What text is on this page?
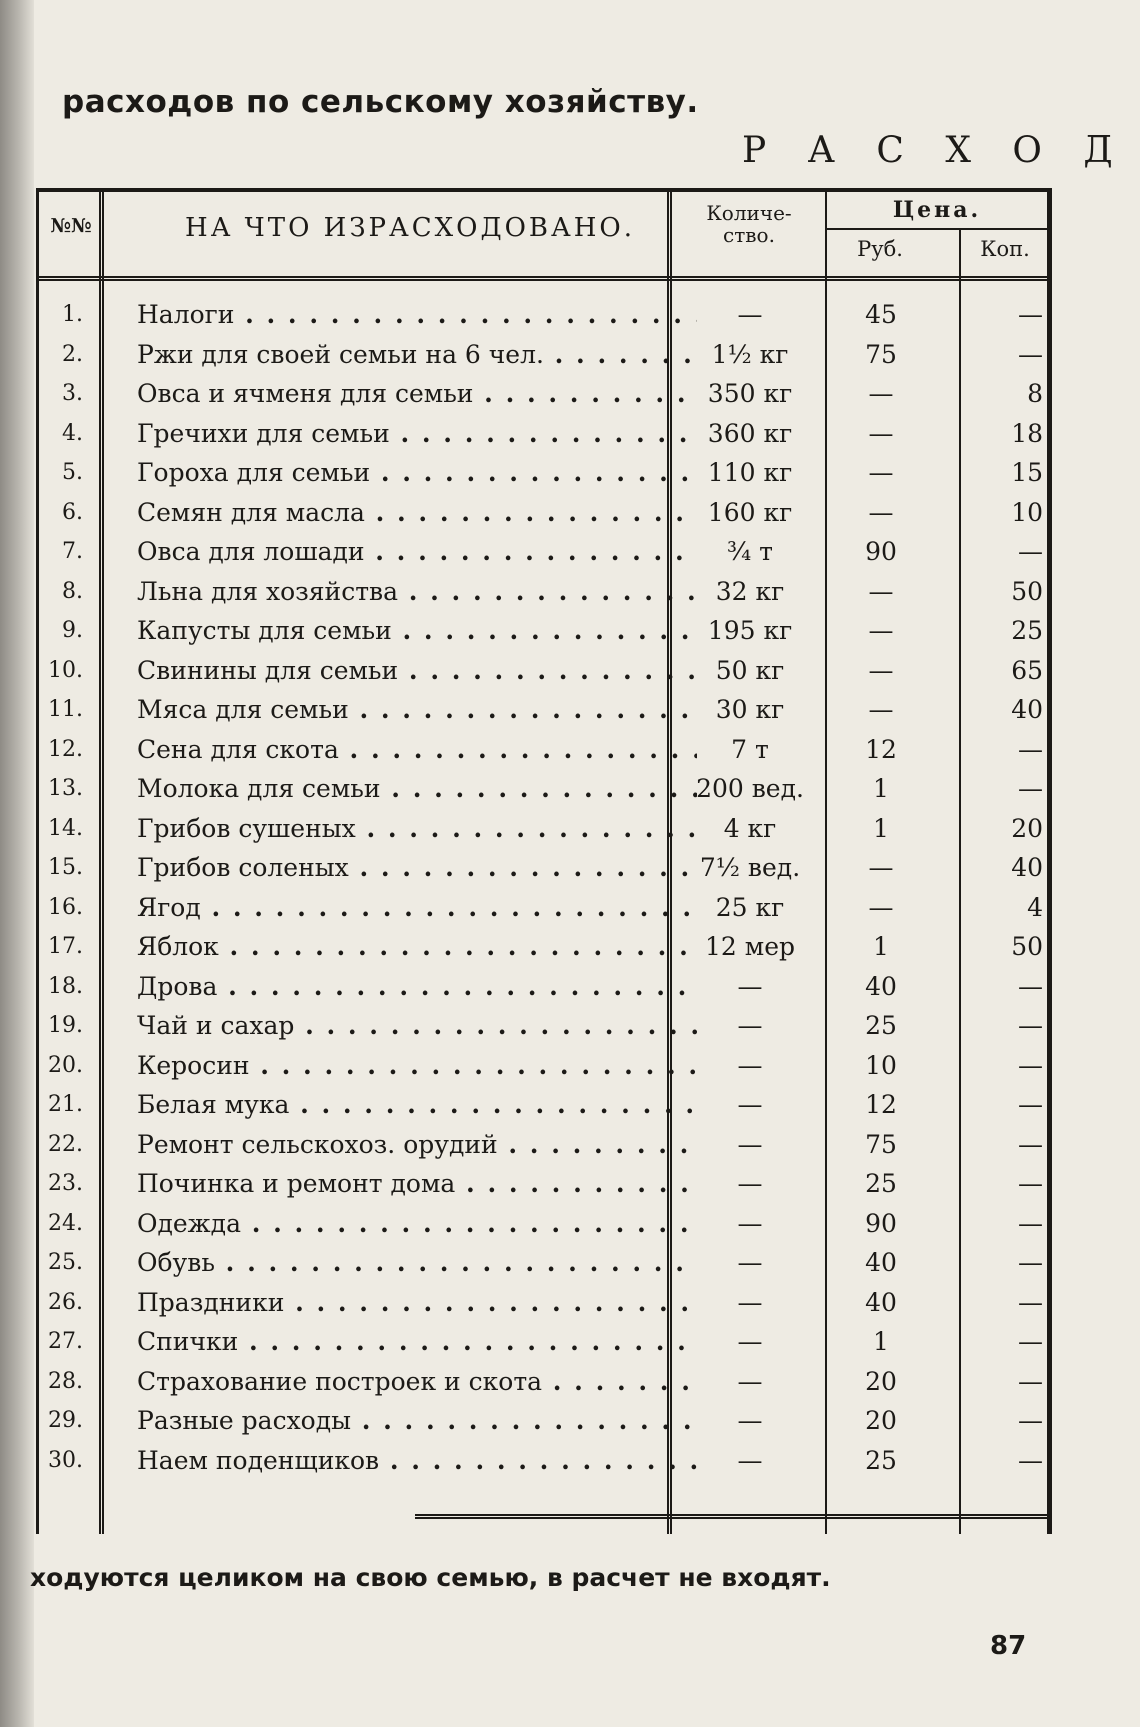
расходов по сельскому хозяйству.
Р А С Х О Д
№№	НА ЧТО ИЗРАСХОДОВАНО.	Количе-
ство.
Цена.
Руб.	Коп.
1. Налоги . . .	—	45	—
2. Ржи для своей семьи на 6 чел. . . .	1½ кг	75	—
3. Овса и ячменя для семьи . . .	350 кг	—	8
4. Гречихи для семьи . . .	360 кг	—	18
5. Гороха для семьи . . .	110 кг	—	15
6. Семян для масла . . .	160 кг	—	10
7. Овса для лошади . . .	¾ т	90	—
8. Льна для хозяйства . . .	32 кг	—	50
9. Капусты для семьи . . .	195 кг	—	25
10. Свинины для семьи . . .	50 кг	—	65
11. Мяса для семьи . . .	30 кг	—	40
12. Сена для скота . . .	7 т	12	—
13. Молока для семьи . . .	200 вед.	1	—
14. Грибов сушеных . . .	4 кг	1	20
15. Грибов соленых . . .	7½ вед.	—	40
16. Ягод . . .	25 кг	—	4
17. Яблок . . .	12 мер	1	50
18. Дрова . . .	—	40	—
19. Чай и сахар . . .	—	25	—
20. Керосин . . .	—	10	—
21. Белая мука . . .	—	12	—
22. Ремонт сельскохоз. орудий . . .	—	75	—
23. Починка и ремонт дома . . .	—	25	—
24. Одежда . . .	—	90	—
25. Обувь . . .	—	40	—
26. Праздники . . .	—	40	—
27. Спички . . .	—	1	—
28. Страхование построек и скота . . .	—	20	—
29. Разные расходы . . .	—	20	—
30. Наем поденщиков . . .	—	25	—

ходуются целиком на свою семью, в расчет не входят.

87
